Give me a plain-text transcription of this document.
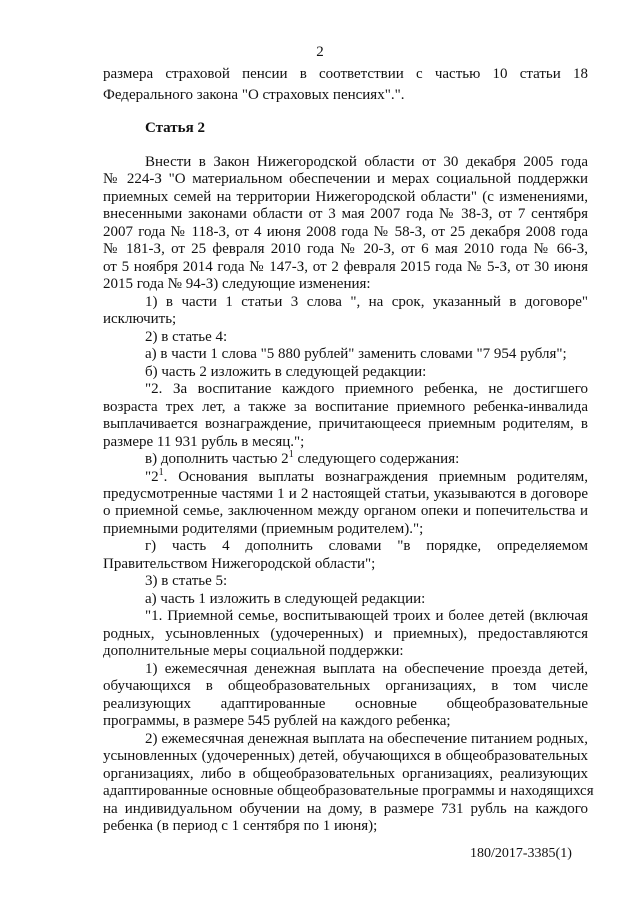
2
Статья 2
размера страховой пенсии в соответствии с частью 10 статьи 18
Федерального закона "О страховых пенсиях".".
Внести в Закон Нижегородской области от 30 декабря 2005 года
№ 224-З "О материальном обеспечении и мерах социальной поддержки
приемных семей на территории Нижегородской области" (с изменениями,
внесенными законами области от 3 мая 2007 года № 38-З, от 7 сентября
2007 года № 118-З, от 4 июня 2008 года № 58-З, от 25 декабря 2008 года
№ 181-З, от 25 февраля 2010 года № 20-З, от 6 мая 2010 года № 66-З,
от 5 ноября 2014 года № 147-З, от 2 февраля 2015 года № 5-З, от 30 июня
2015 года № 94-З) следующие изменения:
1) в части 1 статьи 3 слова ", на срок, указанный в договоре"
исключить;
2) в статье 4:
а) в части 1 слова "5 880 рублей" заменить словами "7 954 рубля";
б) часть 2 изложить в следующей редакции:
"2. За воспитание каждого приемного ребенка, не достигшего
возраста трех лет, а также за воспитание приемного ребенка-инвалида
выплачивается вознаграждение, причитающееся приемным родителям, в
размере 11 931 рубль в месяц.";
в) дополнить частью $2^1$ следующего содержания:
"$2^1$. Основания выплаты вознаграждения приемным родителям,
предусмотренные частями 1 и 2 настоящей статьи, указываются в договоре
о приемной семье, заключенном между органом опеки и попечительства и
приемными родителями (приемным родителем).";
г) часть 4 дополнить словами "в порядке, определяемом
Правительством Нижегородской области";
3) в статье 5:
а) часть 1 изложить в следующей редакции:
"1. Приемной семье, воспитывающей троих и более детей (включая
родных, усыновленных (удочеренных) и приемных), предоставляются
дополнительные меры социальной поддержки:
1) ежемесячная денежная выплата на обеспечение проезда детей,
обучающихся в общеобразовательных организациях, в том числе
реализующих адаптированные основные общеобразовательные
программы, в размере 545 рублей на каждого ребенка;
2) ежемесячная денежная выплата на обеспечение питанием родных,
усыновленных (удочеренных) детей, обучающихся в общеобразовательных
организациях, либо в общеобразовательных организациях, реализующих
адаптированные основные общеобразовательные программы и находящихся
на индивидуальном обучении на дому, в размере 731 рубль на каждого
ребенка (в период с 1 сентября по 1 июня);
180/2017-3385(1)
